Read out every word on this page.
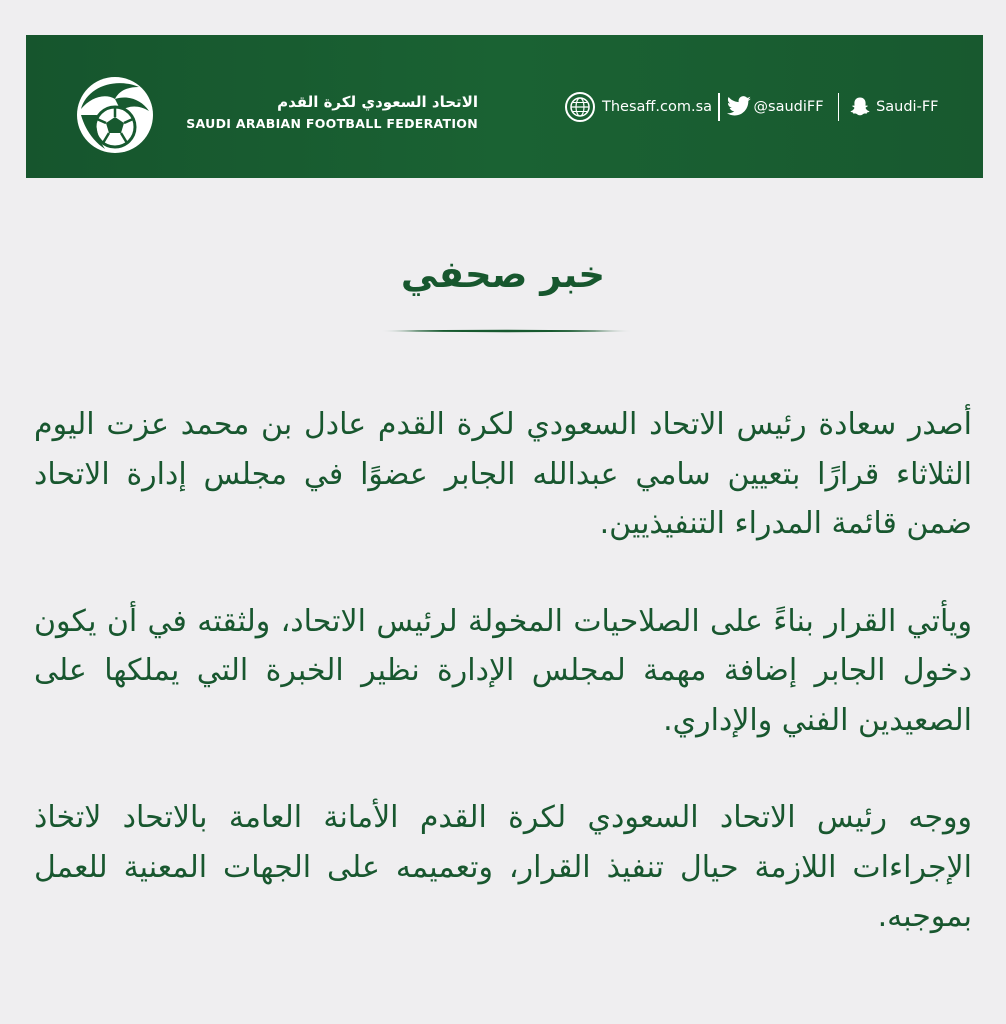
الاتحاد السعودي لكرة القدم
SAUDI ARABIAN FOOTBALL FEDERATION
Thesaff.com.sa	@saudiFF	Saudi-FF
خبر صحفي

أصدر سعادة رئيس الاتحاد السعودي لكرة القدم عادل بن محمد عزت اليوم الثلاثاء قرارًا بتعيين سامي عبدالله الجابر عضوًا في مجلس إدارة الاتحاد ضمن قائمة المدراء التنفيذيين.

ويأتي القرار بناءً على الصلاحيات المخولة لرئيس الاتحاد، ولثقته في أن يكون دخول الجابر إضافة مهمة لمجلس الإدارة نظير الخبرة التي يملكها على الصعيدين الفني والإداري.

ووجه رئيس الاتحاد السعودي لكرة القدم الأمانة العامة بالاتحاد لاتخاذ الإجراءات اللازمة حيال تنفيذ القرار، وتعميمه على الجهات المعنية للعمل بموجبه.
